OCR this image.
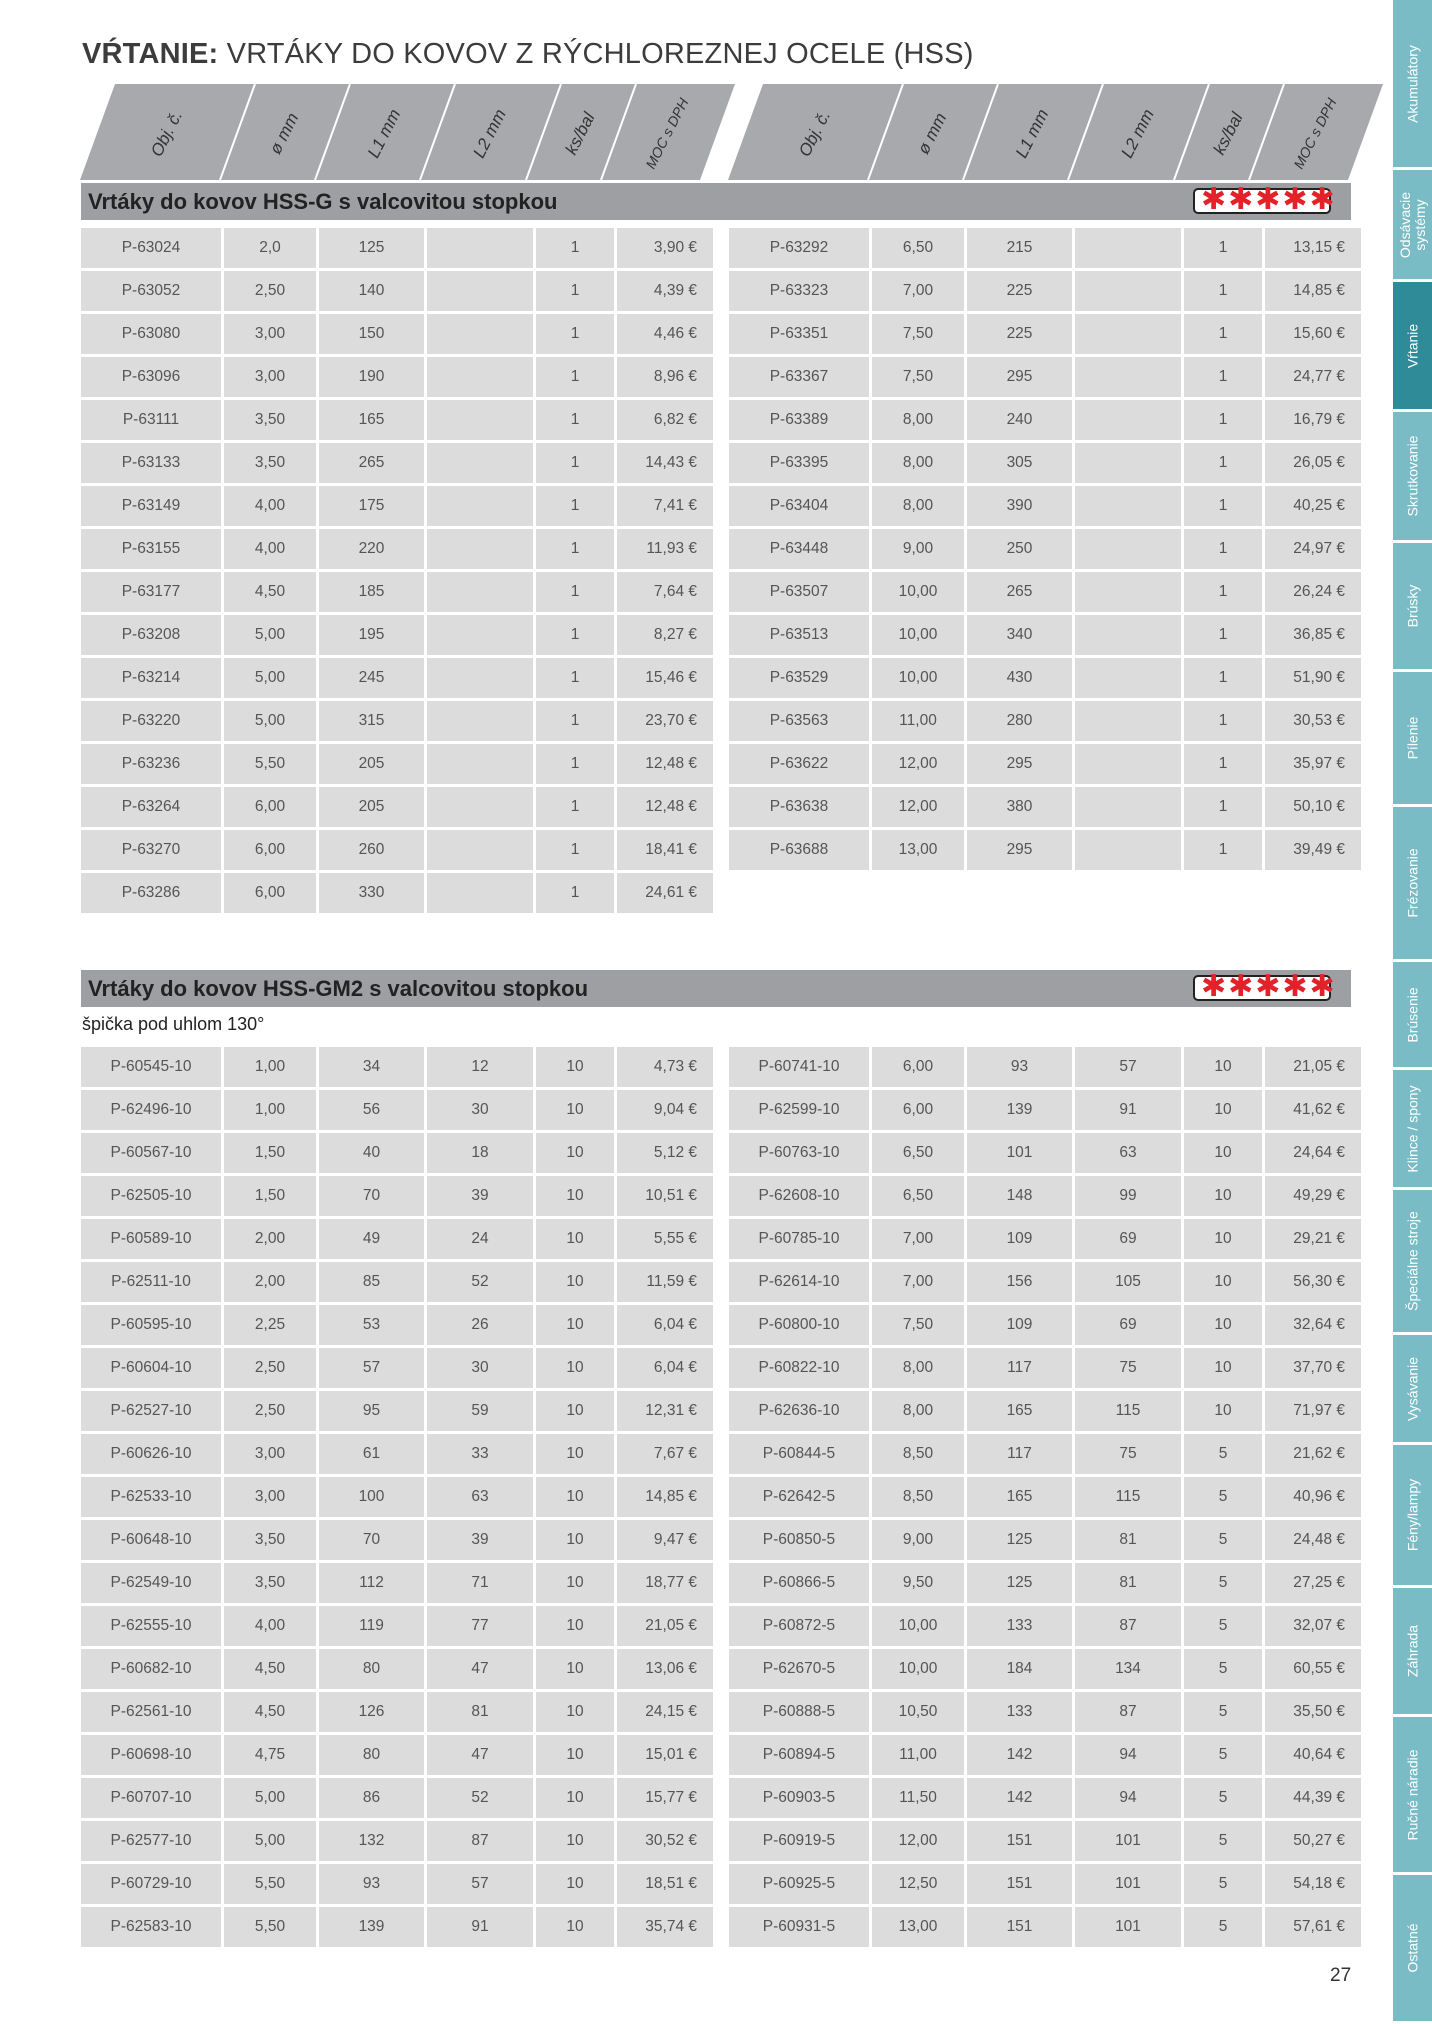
VŔTANIE: VRTÁKY DO KOVOV Z RÝCHLOREZNEJ OCELE (HSS)
Obj. č.	ø mm	L1 mm	L2 mm	ks/bal	MOC s DPH	Obj. č.	ø mm	L1 mm	L2 mm	ks/bal	MOC s DPH
Vrtáky do kovov HSS-G s valcovitou stopkou	✱✱✱✱✱
P-63024	2,0	125		1	3,90 €
P-63052	2,50	140		1	4,39 €
P-63080	3,00	150		1	4,46 €
P-63096	3,00	190		1	8,96 €
P-63111	3,50	165		1	6,82 €
P-63133	3,50	265		1	14,43 €
P-63149	4,00	175		1	7,41 €
P-63155	4,00	220		1	11,93 €
P-63177	4,50	185		1	7,64 €
P-63208	5,00	195		1	8,27 €
P-63214	5,00	245		1	15,46 €
P-63220	5,00	315		1	23,70 €
P-63236	5,50	205		1	12,48 €
P-63264	6,00	205		1	12,48 €
P-63270	6,00	260		1	18,41 €
P-63286	6,00	330		1	24,61 €
P-63292	6,50	215		1	13,15 €
P-63323	7,00	225		1	14,85 €
P-63351	7,50	225		1	15,60 €
P-63367	7,50	295		1	24,77 €
P-63389	8,00	240		1	16,79 €
P-63395	8,00	305		1	26,05 €
P-63404	8,00	390		1	40,25 €
P-63448	9,00	250		1	24,97 €
P-63507	10,00	265		1	26,24 €
P-63513	10,00	340		1	36,85 €
P-63529	10,00	430		1	51,90 €
P-63563	11,00	280		1	30,53 €
P-63622	12,00	295		1	35,97 €
P-63638	12,00	380		1	50,10 €
P-63688	13,00	295		1	39,49 €
Vrtáky do kovov HSS-GM2 s valcovitou stopkou	✱✱✱✱✱
špička pod uhlom 130°
P-60545-10	1,00	34	12	10	4,73 €
P-62496-10	1,00	56	30	10	9,04 €
P-60567-10	1,50	40	18	10	5,12 €
P-62505-10	1,50	70	39	10	10,51 €
P-60589-10	2,00	49	24	10	5,55 €
P-62511-10	2,00	85	52	10	11,59 €
P-60595-10	2,25	53	26	10	6,04 €
P-60604-10	2,50	57	30	10	6,04 €
P-62527-10	2,50	95	59	10	12,31 €
P-60626-10	3,00	61	33	10	7,67 €
P-62533-10	3,00	100	63	10	14,85 €
P-60648-10	3,50	70	39	10	9,47 €
P-62549-10	3,50	112	71	10	18,77 €
P-62555-10	4,00	119	77	10	21,05 €
P-60682-10	4,50	80	47	10	13,06 €
P-62561-10	4,50	126	81	10	24,15 €
P-60698-10	4,75	80	47	10	15,01 €
P-60707-10	5,00	86	52	10	15,77 €
P-62577-10	5,00	132	87	10	30,52 €
P-60729-10	5,50	93	57	10	18,51 €
P-62583-10	5,50	139	91	10	35,74 €
P-60741-10	6,00	93	57	10	21,05 €
P-62599-10	6,00	139	91	10	41,62 €
P-60763-10	6,50	101	63	10	24,64 €
P-62608-10	6,50	148	99	10	49,29 €
P-60785-10	7,00	109	69	10	29,21 €
P-62614-10	7,00	156	105	10	56,30 €
P-60800-10	7,50	109	69	10	32,64 €
P-60822-10	8,00	117	75	10	37,70 €
P-62636-10	8,00	165	115	10	71,97 €
P-60844-5	8,50	117	75	5	21,62 €
P-62642-5	8,50	165	115	5	40,96 €
P-60850-5	9,00	125	81	5	24,48 €
P-60866-5	9,50	125	81	5	27,25 €
P-60872-5	10,00	133	87	5	32,07 €
P-62670-5	10,00	184	134	5	60,55 €
P-60888-5	10,50	133	87	5	35,50 €
P-60894-5	11,00	142	94	5	40,64 €
P-60903-5	11,50	142	94	5	44,39 €
P-60919-5	12,00	151	101	5	50,27 €
P-60925-5	12,50	151	101	5	54,18 €
P-60931-5	13,00	151	101	5	57,61 €
Akumulátory
Odsávacie
systémy
Vŕtanie
Skrutkovanie
Brúsky
Pílenie
Frézovanie
Brúsenie
Klince / spony
Špeciálne stroje
Vysávanie
Fény/lampy
Záhrada
Ručné náradie
Ostatné
27
